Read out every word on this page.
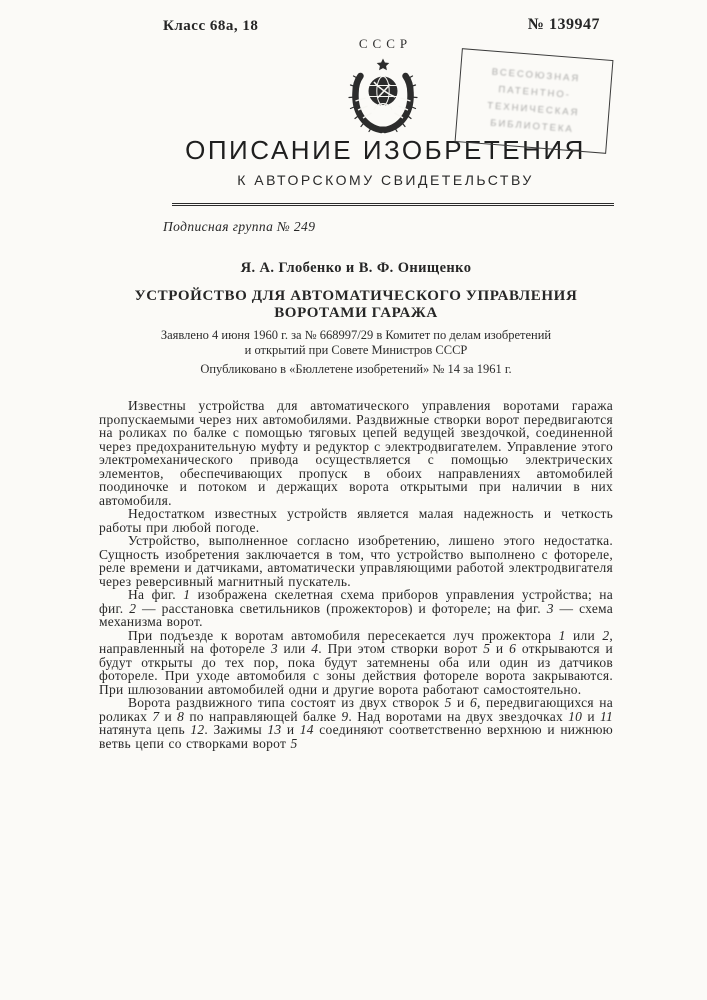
Класс 68а, 18	№ 139947
СССР
ВСЕСОЮЗНАЯ
ПАТЕНТНО-
ТЕХНИЧЕСКАЯ
БИБЛИОТЕКА
ОПИСАНИЕ ИЗОБРЕТЕНИЯ
К АВТОРСКОМУ СВИДЕТЕЛЬСТВУ
Подписная группа № 249
Я. А. Глобенко и В. Ф. Онищенко
УСТРОЙСТВО ДЛЯ АВТОМАТИЧЕСКОГО УПРАВЛЕНИЯ
ВОРОТАМИ ГАРАЖА
Заявлено 4 июня 1960 г. за № 668997/29 в Комитет по делам изобретений
и открытий при Совете Министров СССР
Опубликовано в «Бюллетене изобретений» № 14 за 1961 г.

Известны устройства для автоматического управления воротами гаража пропускаемыми через них автомобилями. Раздвижные створки ворот передвигаются на роликах по балке с помощью тяговых цепей ведущей звездочкой, соединенной через предохранительную муфту и редуктор с электродвигателем. Управление этого электромеханического привода осуществляется с помощью электрических элементов, обеспечивающих пропуск в обоих направлениях автомобилей поодиночке и потоком и держащих ворота открытыми при наличии в них автомобиля.

Недостатком известных устройств является малая надежность и четкость работы при любой погоде.

Устройство, выполненное согласно изобретению, лишено этого недостатка. Сущность изобретения заключается в том, что устройство выполнено с фотореле, реле времени и датчиками, автоматически управляющими работой электродвигателя через реверсивный магнитный пускатель.

На фиг. 1 изображена скелетная схема приборов управления устройства; на фиг. 2 — расстановка светильников (прожекторов) и фотореле; на фиг. 3 — схема механизма ворот.

При подъезде к воротам автомобиля пересекается луч прожектора 1 или 2, направленный на фотореле 3 или 4. При этом створки ворот 5 и 6 открываются и будут открыты до тех пор, пока будут затемнены оба или один из датчиков фотореле. При уходе автомобиля с зоны действия фотореле ворота закрываются. При шлюзовании автомобилей одни и другие ворота работают самостоятельно.

Ворота раздвижного типа состоят из двух створок 5 и 6, передвигающихся на роликах 7 и 8 по направляющей балке 9. Над воротами на двух звездочках 10 и 11 натянута цепь 12. Зажимы 13 и 14 соединяют соответственно верхнюю и нижнюю ветвь цепи со створками ворот 5
